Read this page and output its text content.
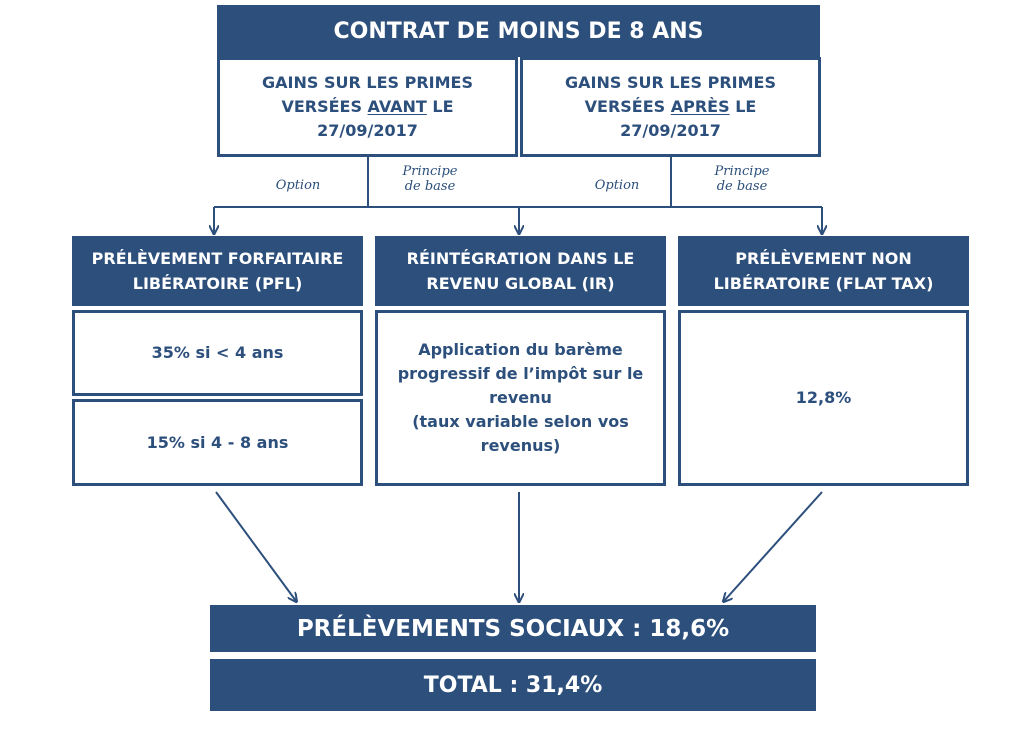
CONTRAT DE MOINS DE 8 ANS
GAINS SUR LES PRIMES
VERSÉES AVANT LE
27/09/2017
GAINS SUR LES PRIMES
VERSÉES APRÈS LE
27/09/2017
Option
Principe
de base	Option
Principe
de base
PRÉLÈVEMENT FORFAITAIRE
LIBÉRATOIRE (PFL)
RÉINTÉGRATION DANS LE
REVENU GLOBAL (IR)
PRÉLÈVEMENT NON
LIBÉRATOIRE (FLAT TAX)
35% si < 4 ans
15% si 4 - 8 ans
Application du barème
progressif de l’impôt sur le
revenu
(taux variable selon vos
revenus)
12,8%
PRÉLÈVEMENTS SOCIAUX : 18,6%
TOTAL : 31,4%
